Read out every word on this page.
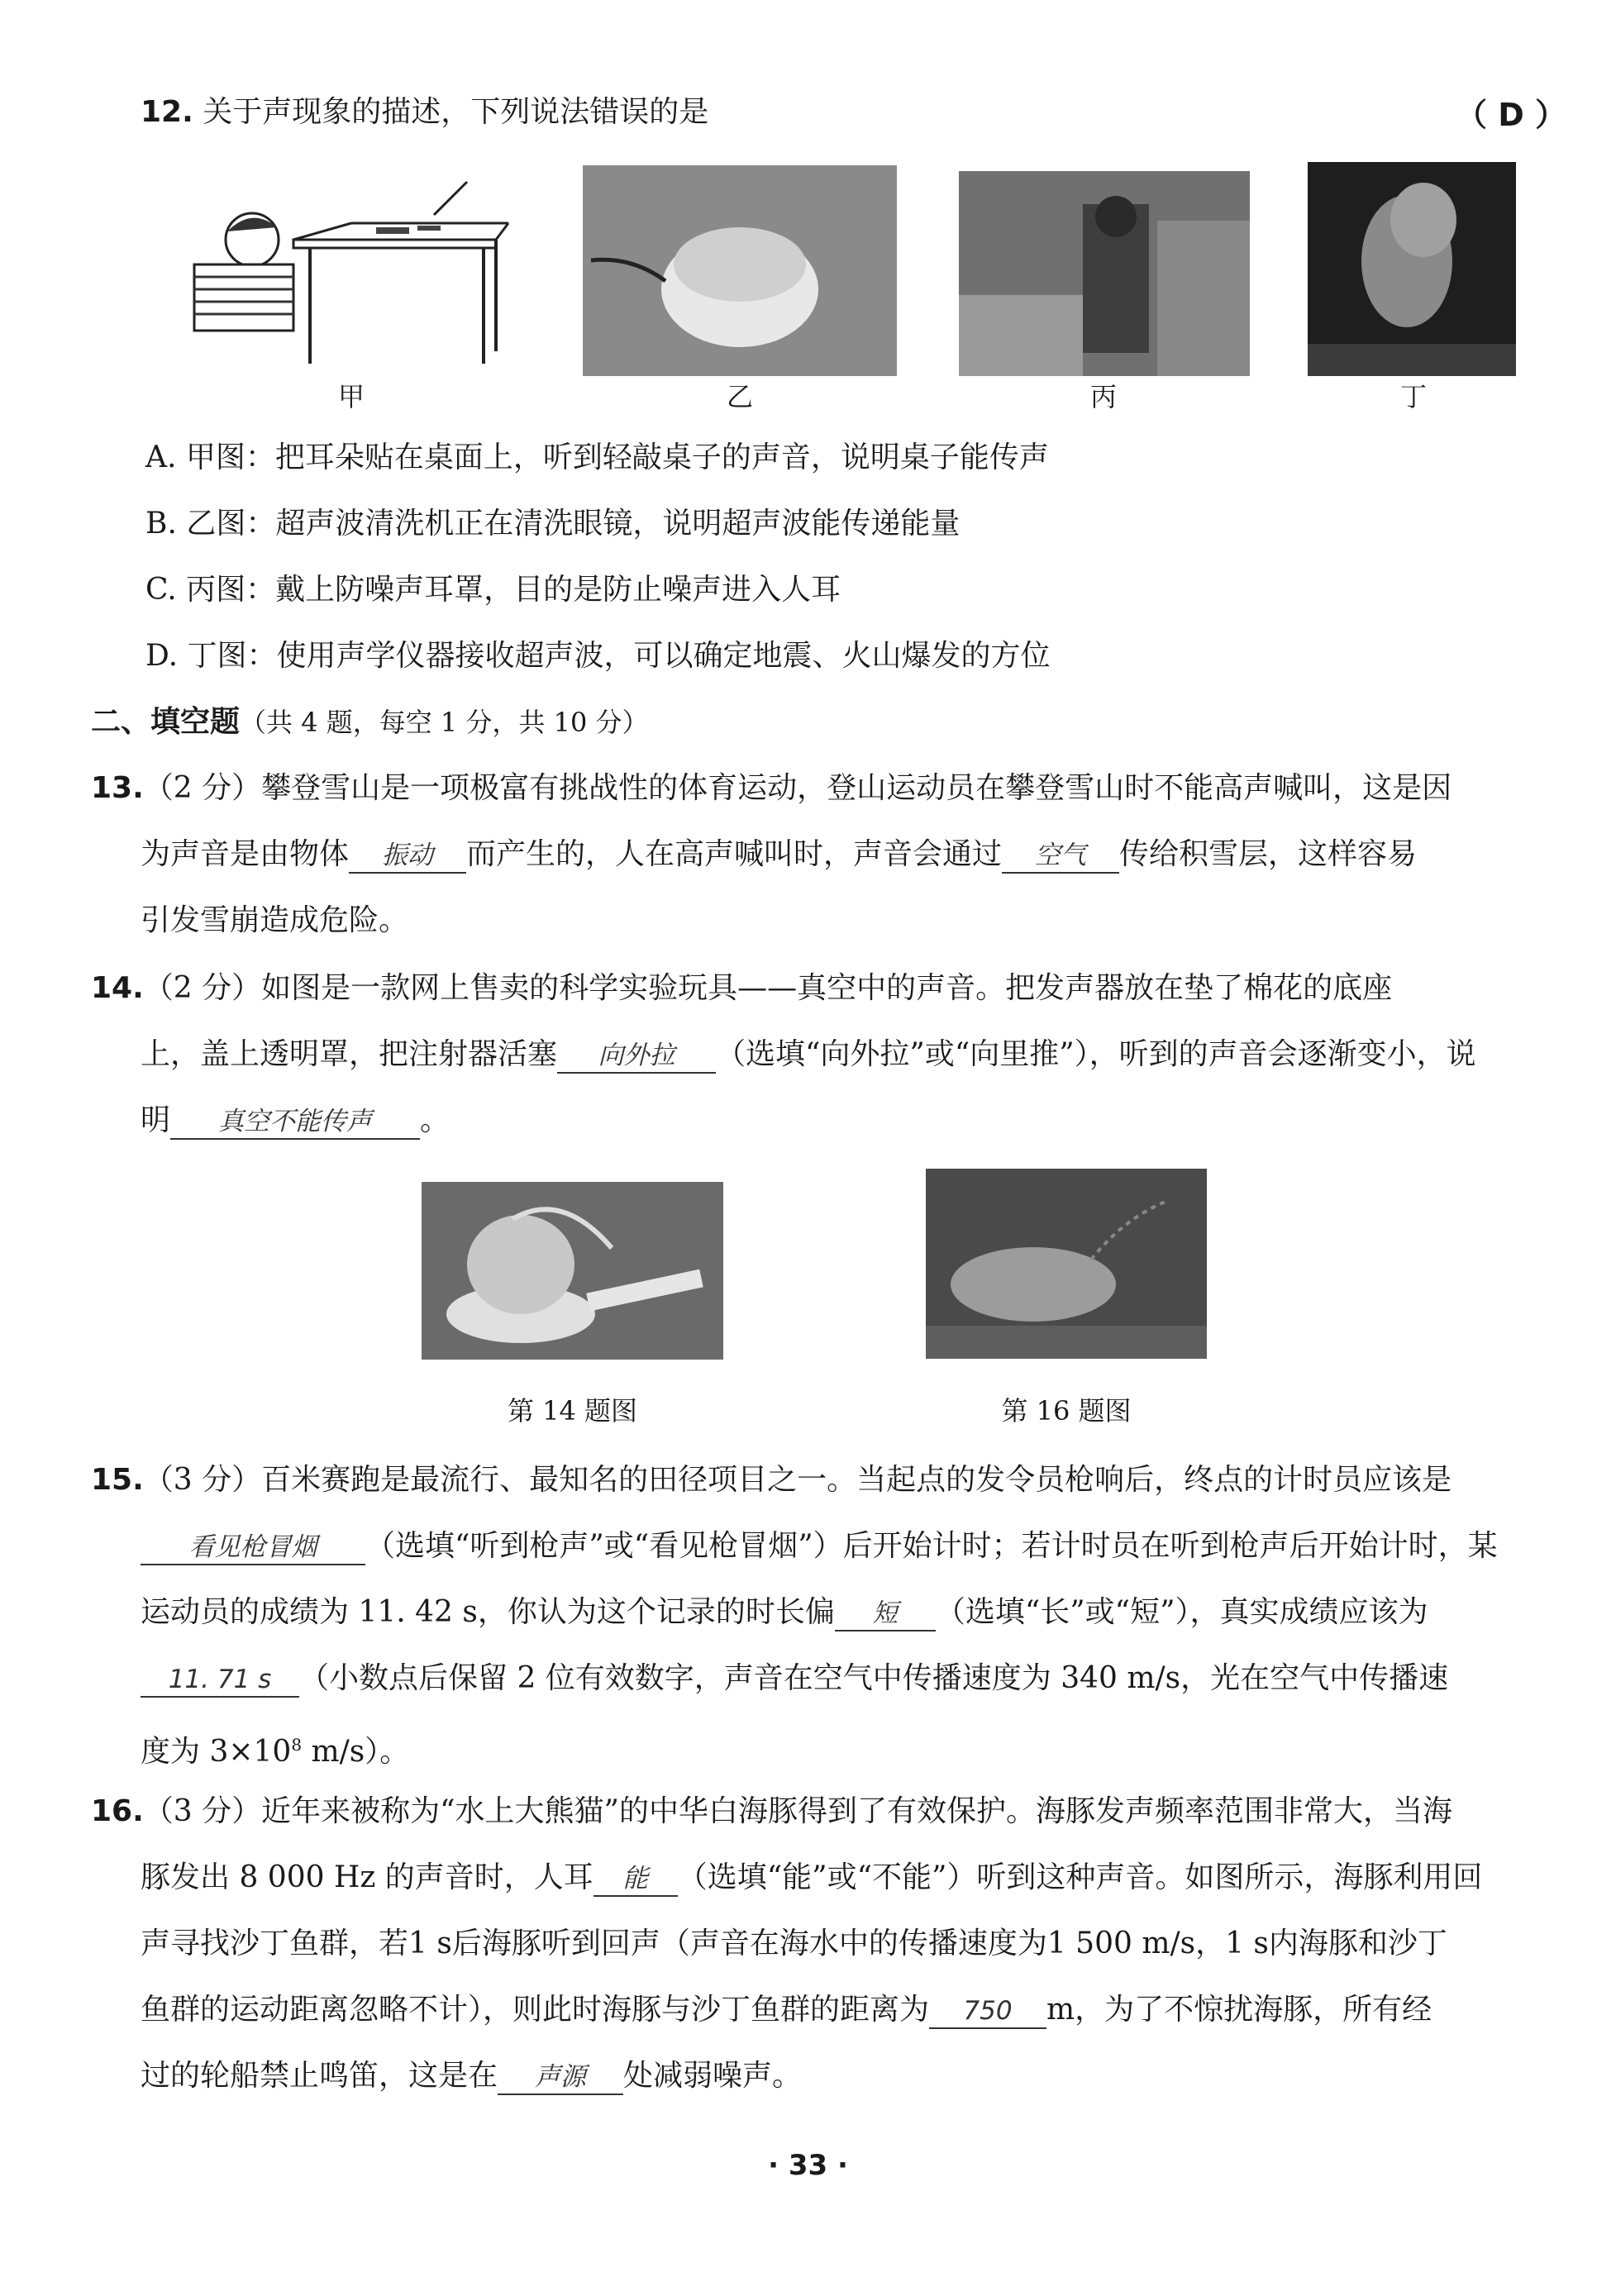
12. 关于声现象的描述，下列说法错误的是	（ D ）
甲	乙	丙	丁
A. 甲图：把耳朵贴在桌面上，听到轻敲桌子的声音，说明桌子能传声
B. 乙图：超声波清洗机正在清洗眼镜，说明超声波能传递能量
C. 丙图：戴上防噪声耳罩，目的是防止噪声进入人耳
D. 丁图：使用声学仪器接收超声波，可以确定地震、火山爆发的方位
二、填空题（共 4 题，每空 1 分，共 10 分）
13.（2 分）攀登雪山是一项极富有挑战性的体育运动，登山运动员在攀登雪山时不能高声喊叫，这是因
为声音是由物体 振动 而产生的，人在高声喊叫时，声音会通过 空气 传给积雪层，这样容易
引发雪崩造成危险。
14.（2 分）如图是一款网上售卖的科学实验玩具——真空中的声音。把发声器放在垫了棉花的底座
上，盖上透明罩，把注射器活塞 向外拉 （选填“向外拉”或“向里推”），听到的声音会逐渐变小，说
明 真空不能传声 。
第 14 题图	第 16 题图
15.（3 分）百米赛跑是最流行、最知名的田径项目之一。当起点的发令员枪响后，终点的计时员应该是
看见枪冒烟 （选填“听到枪声”或“看见枪冒烟”）后开始计时；若计时员在听到枪声后开始计时，某
运动员的成绩为 11. 42 s，你认为这个记录的时长偏 短 （选填“长”或“短”），真实成绩应该为
11. 71 s （小数点后保留 2 位有效数字，声音在空气中传播速度为 340 m/s，光在空气中传播速
度为 $3\times 10^8$ m/s）。
16.（3 分）近年来被称为“水上大熊猫”的中华白海豚得到了有效保护。海豚发声频率范围非常大，当海
豚发出 8 000 Hz 的声音时，人耳 能 （选填“能”或“不能”）听到这种声音。如图所示，海豚利用回
声寻找沙丁鱼群，若1 s后海豚听到回声（声音在海水中的传播速度为1 500 m/s，1 s内海豚和沙丁
鱼群的运动距离忽略不计），则此时海豚与沙丁鱼群的距离为 750 m，为了不惊扰海豚，所有经
过的轮船禁止鸣笛，这是在 声源 处减弱噪声。
· 33 ·
